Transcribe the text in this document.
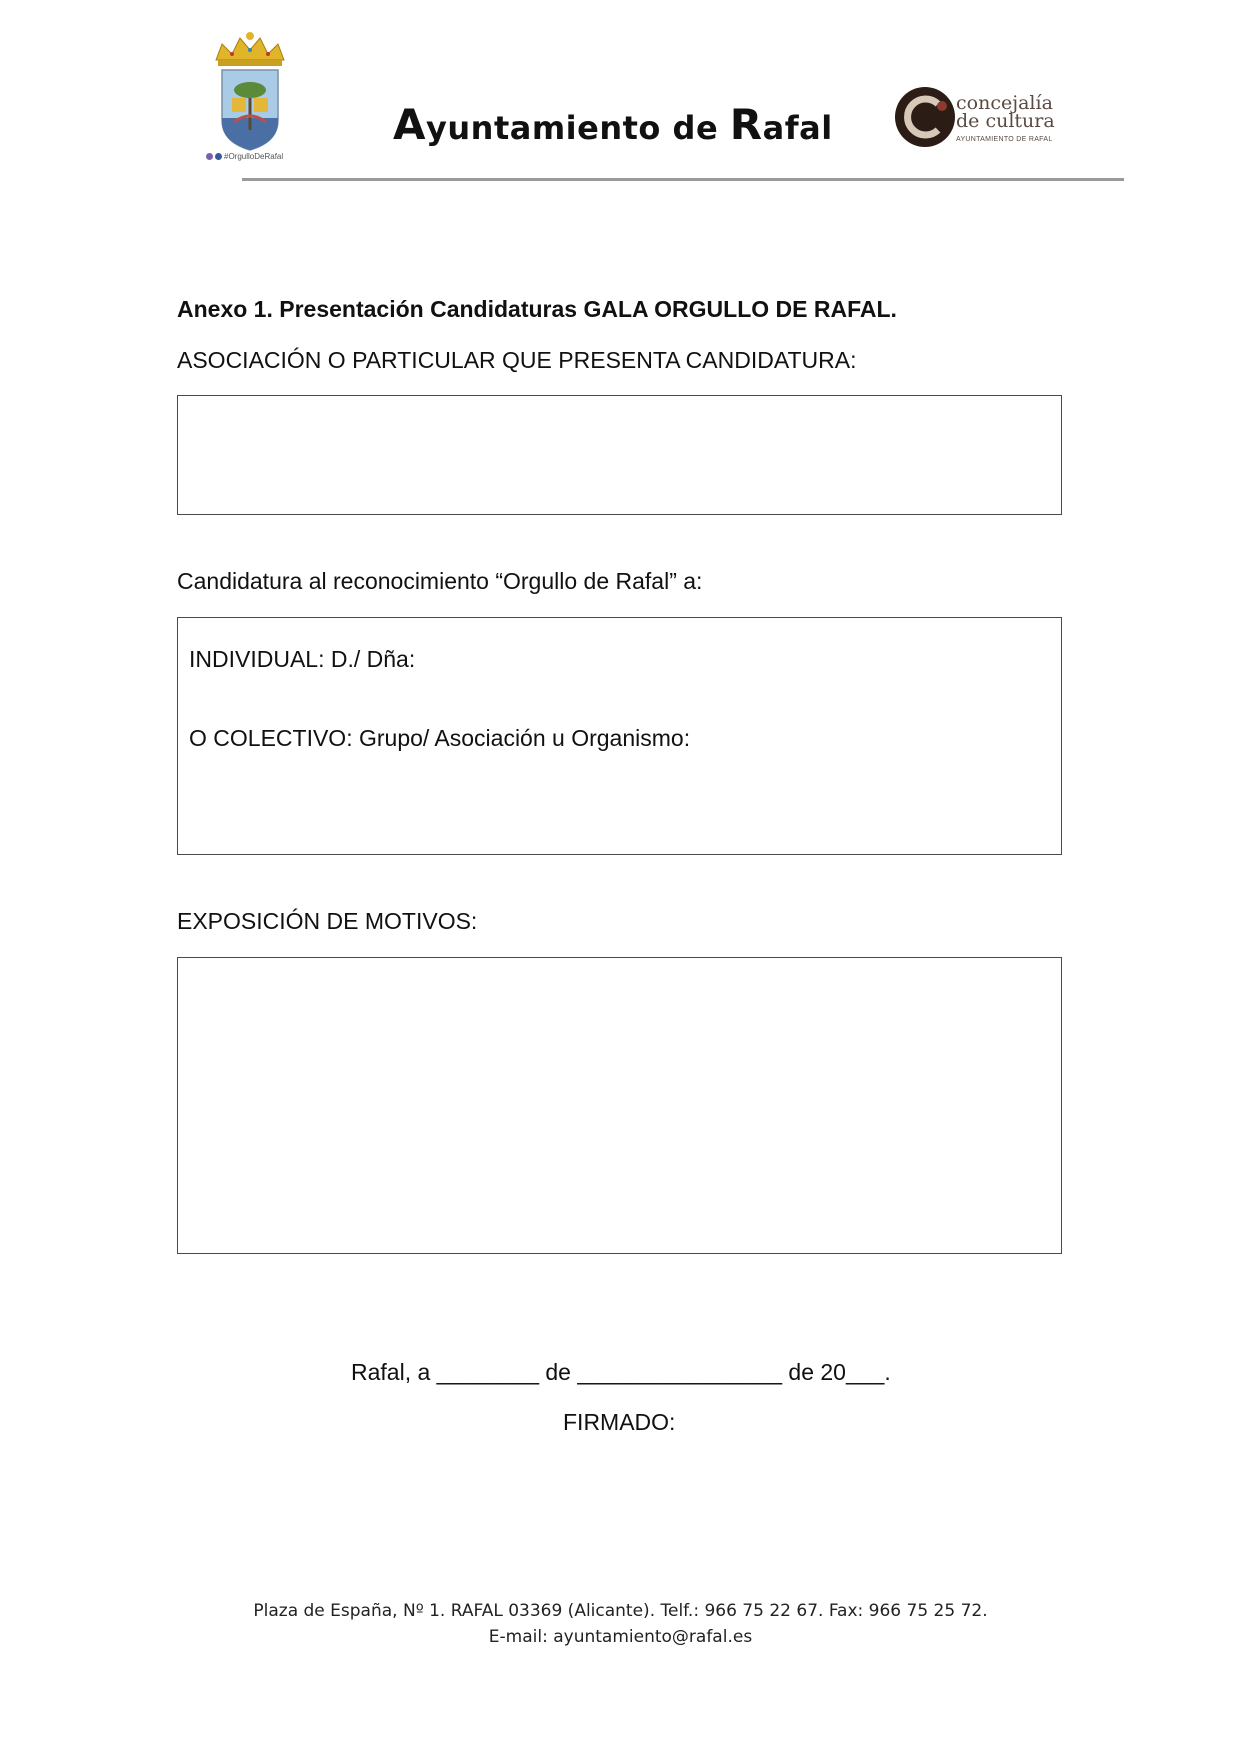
#OrgulloDeRafal
Ayuntamiento de Rafal
concejalía
de cultura
AYUNTAMIENTO DE RAFAL
Anexo 1. Presentación Candidaturas GALA ORGULLO DE RAFAL.
ASOCIACIÓN O PARTICULAR QUE PRESENTA CANDIDATURA:
Candidatura al reconocimiento “Orgullo de Rafal” a:
INDIVIDUAL: D./ Dña:
O COLECTIVO: Grupo/ Asociación u Organismo:
EXPOSICIÓN DE MOTIVOS:
Rafal, a ________ de ________________ de 20___.
FIRMADO:
Plaza de España, Nº 1. RAFAL 03369 (Alicante). Telf.: 966 75 22 67. Fax: 966 75 25 72.
E-mail: ayuntamiento@rafal.es
